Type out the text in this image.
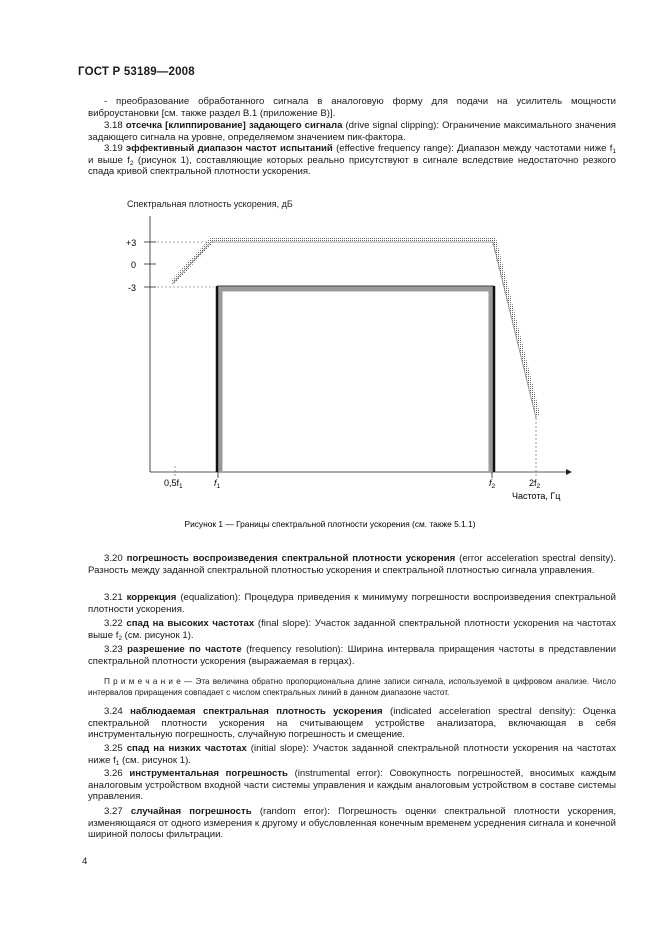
ГОСТ Р 53189—2008
- преобразование обработанного сигнала в аналоговую форму для подачи на усилитель мощности виброустановки [см. также раздел В.1 (приложение В)].
3.18 отсечка [клиппирование] задающего сигнала (drive signal clipping): Ограничение максимального значения задающего сигнала на уровне, определяемом значением пик-фактора.
3.19 эффективный диапазон частот испытаний (effective frequency range): Диапазон между частотами ниже $f_1$ и выше $f_2$ (рисунок 1), составляющие которых реально присутствуют в сигнале вследствие недостаточно резкого спада кривой спектральной плотности ускорения.
Спектральная плотность ускорения, дБ
+3
0
-3
$0,5f_1$	$f_1$	$f_2$	$2f_2$
Частота, Гц
Рисунок 1 — Границы спектральной плотности ускорения (см. также 5.1.1)
3.20 погрешность воспроизведения спектральной плотности ускорения (error acceleration spectral density). Разность между заданной спектральной плотностью ускорения и спектральной плотностью сигнала управления.
3.21 коррекция (equalization): Процедура приведения к минимуму погрешности воспроизведения спектральной плотности ускорения.
3.22 спад на высоких частотах (final slope): Участок заданной спектральной плотности ускорения на частотах выше $f_2$ (см. рисунок 1).
3.23 разрешение по частоте (frequency resolution): Ширина интервала приращения частоты в представлении спектральной плотности ускорения (выражаемая в герцах).
П р и м е ч а н и е — Эта величина обратно пропорциональна длине записи сигнала, используемой в цифровом анализе. Число интервалов приращения совпадает с числом спектральных линий в данном диапазоне частот.
3.24 наблюдаемая спектральная плотность ускорения (indicated acceleration spectral density): Оценка спектральной плотности ускорения на считывающем устройстве анализатора, включающая в себя инструментальную погрешность, случайную погрешность и смещение.
3.25 спад на низких частотах (initial slope): Участок заданной спектральной плотности ускорения на частотах ниже $f_1$ (см. рисунок 1).
3.26 инструментальная погрешность (instrumental error): Совокупность погрешностей, вносимых каждым аналоговым устройством входной части системы управления и каждым аналоговым устройством в составе системы управления.
3.27 случайная погрешность (random error): Погрешность оценки спектральной плотности ускорения, изменяющаяся от одного измерения к другому и обусловленная конечным временем усреднения сигнала и конечной шириной полосы фильтрации.
4
